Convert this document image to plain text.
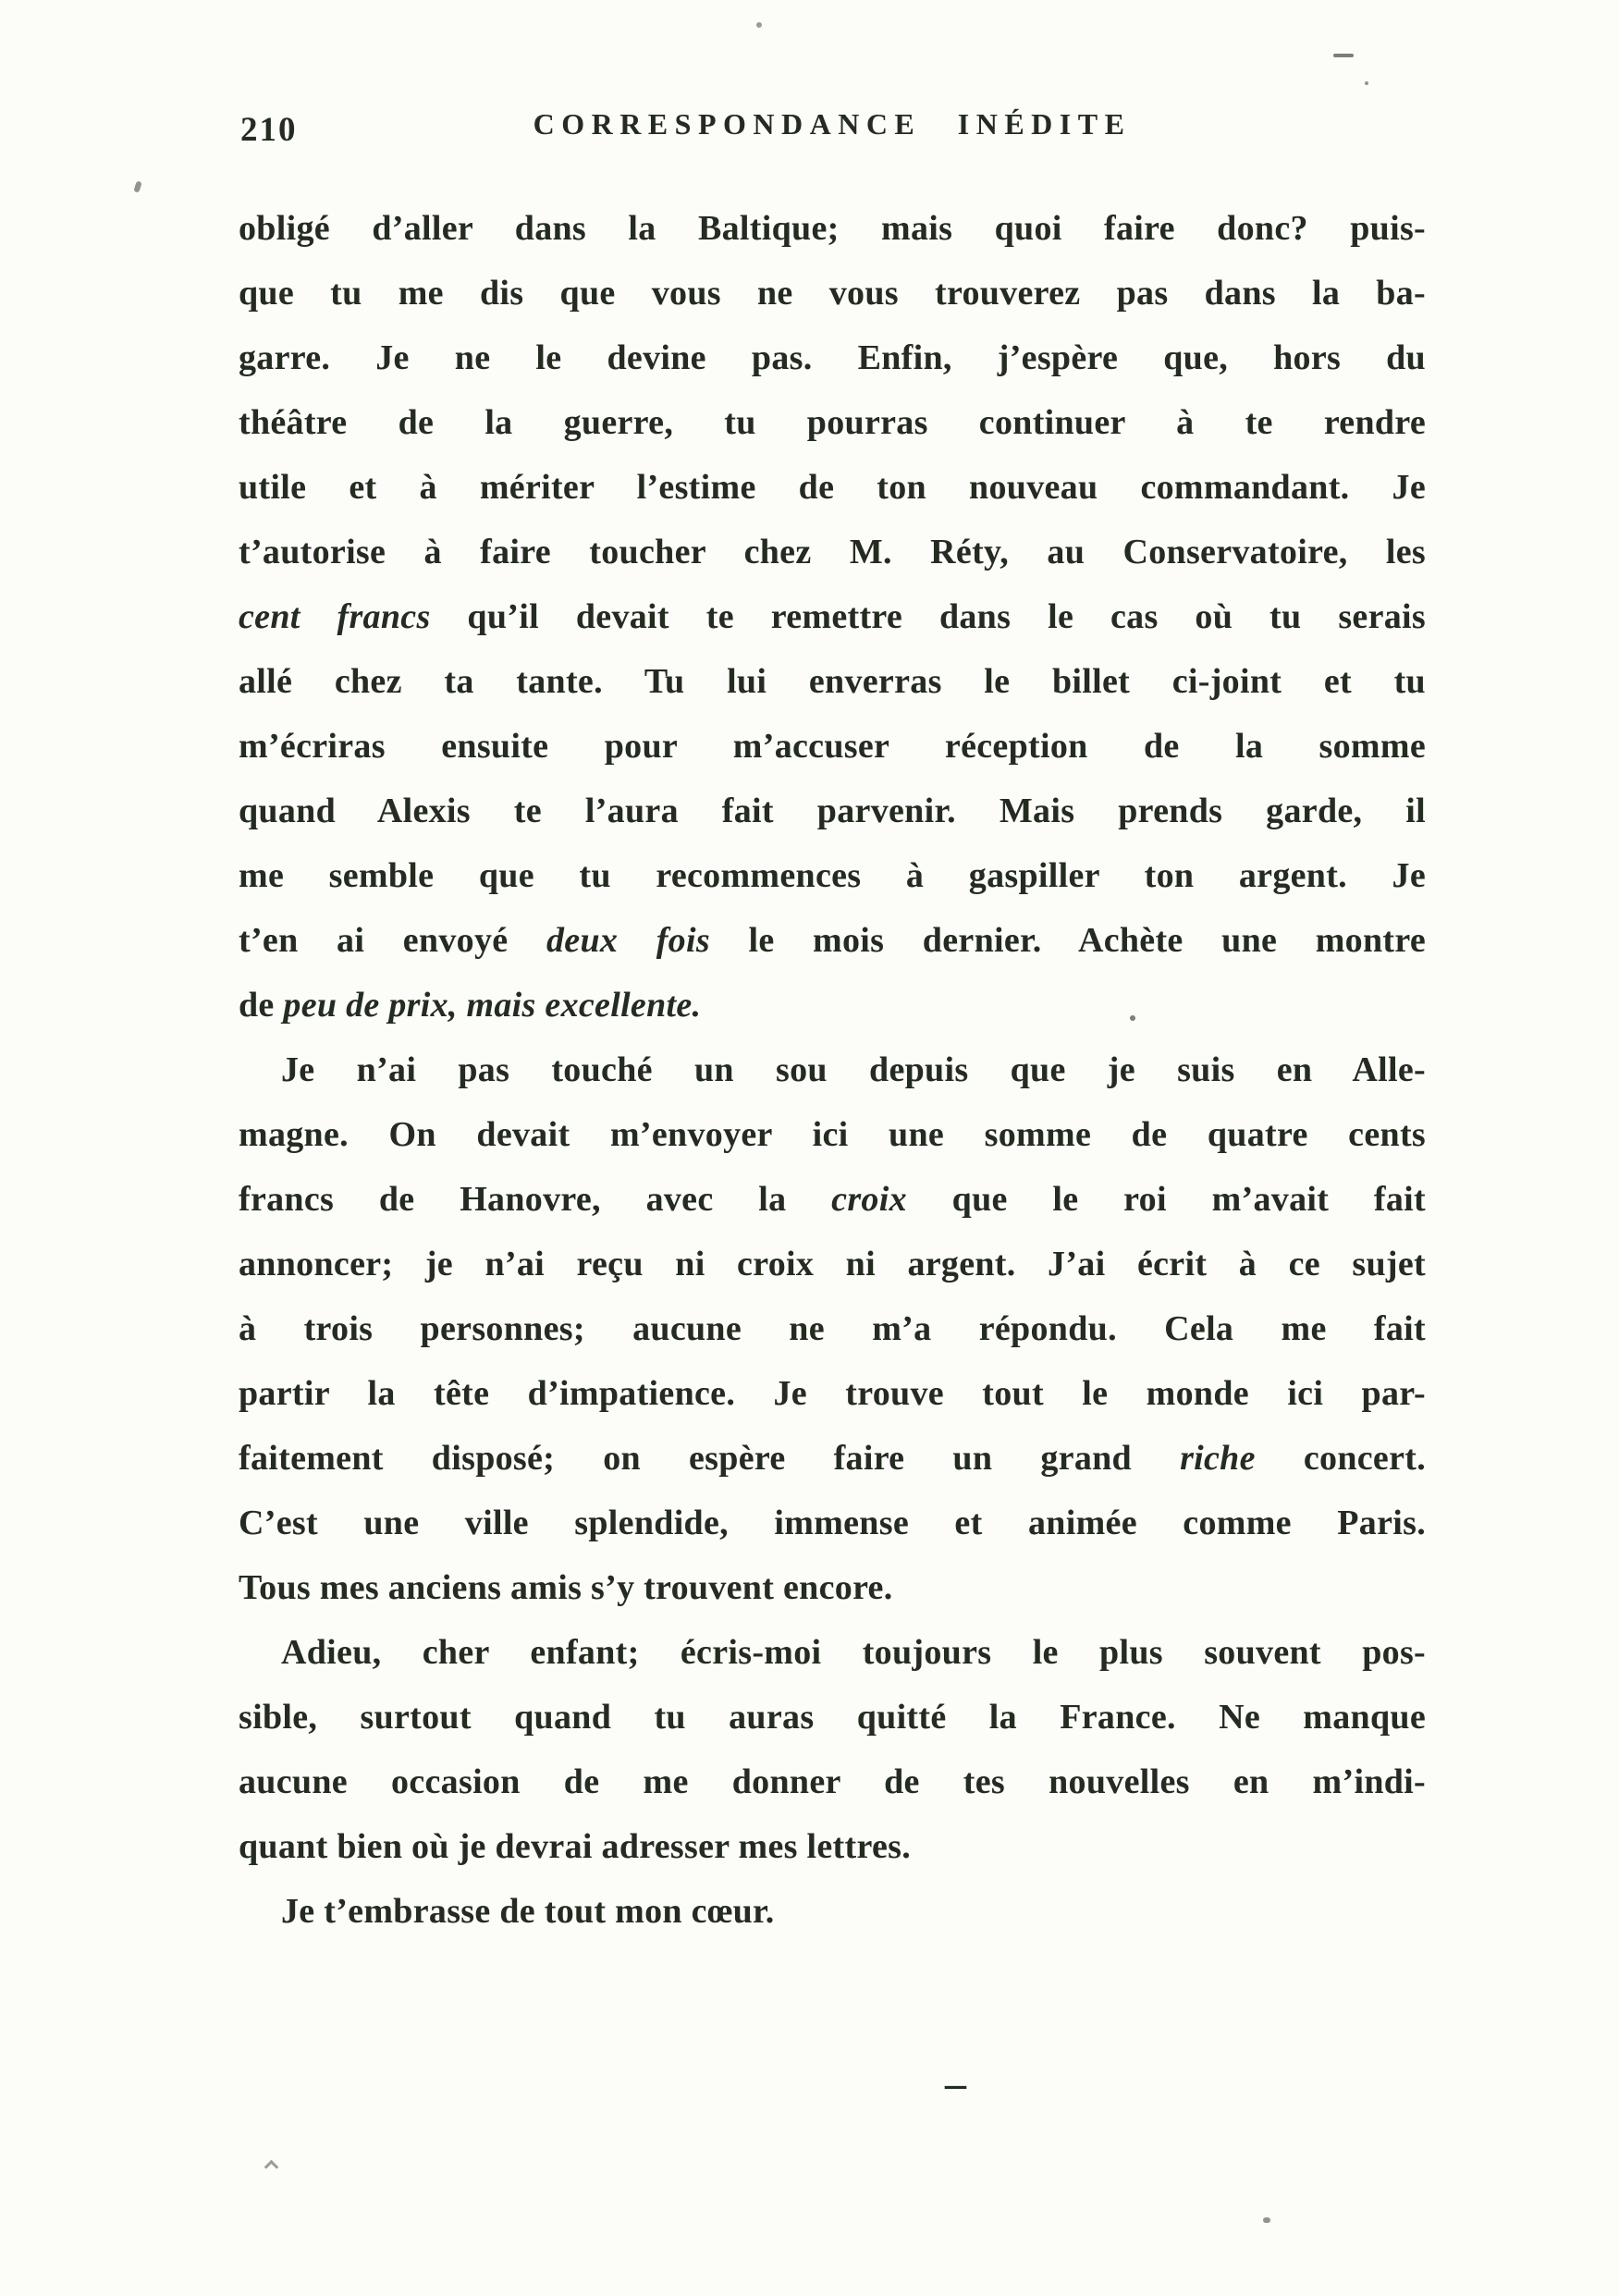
210	CORRESPONDANCE INÉDITE
obligé d’aller dans la Baltique; mais quoi faire donc? puis-
que tu me dis que vous ne vous trouverez pas dans la ba-
garre. Je ne le devine pas. Enfin, j’espère que, hors du
théâtre de la guerre, tu pourras continuer à te rendre
utile et à mériter l’estime de ton nouveau commandant. Je
t’autorise à faire toucher chez M. Réty, au Conservatoire, les
cent francs qu’il devait te remettre dans le cas où tu serais
allé chez ta tante. Tu lui enverras le billet ci-joint et tu
m’écriras ensuite pour m’accuser réception de la somme
quand Alexis te l’aura fait parvenir. Mais prends garde, il
me semble que tu recommences à gaspiller ton argent. Je
t’en ai envoyé deux fois le mois dernier. Achète une montre
de peu de prix, mais excellente.
Je n’ai pas touché un sou depuis que je suis en Alle-
magne. On devait m’envoyer ici une somme de quatre cents
francs de Hanovre, avec la croix que le roi m’avait fait
annoncer; je n’ai reçu ni croix ni argent. J’ai écrit à ce sujet
à trois personnes; aucune ne m’a répondu. Cela me fait
partir la tête d’impatience. Je trouve tout le monde ici par-
faitement disposé; on espère faire un grand riche concert.
C’est une ville splendide, immense et animée comme Paris.
Tous mes anciens amis s’y trouvent encore.
Adieu, cher enfant; écris-moi toujours le plus souvent pos-
sible, surtout quand tu auras quitté la France. Ne manque
aucune occasion de me donner de tes nouvelles en m’indi-
quant bien où je devrai adresser mes lettres.
Je t’embrasse de tout mon cœur.
–
